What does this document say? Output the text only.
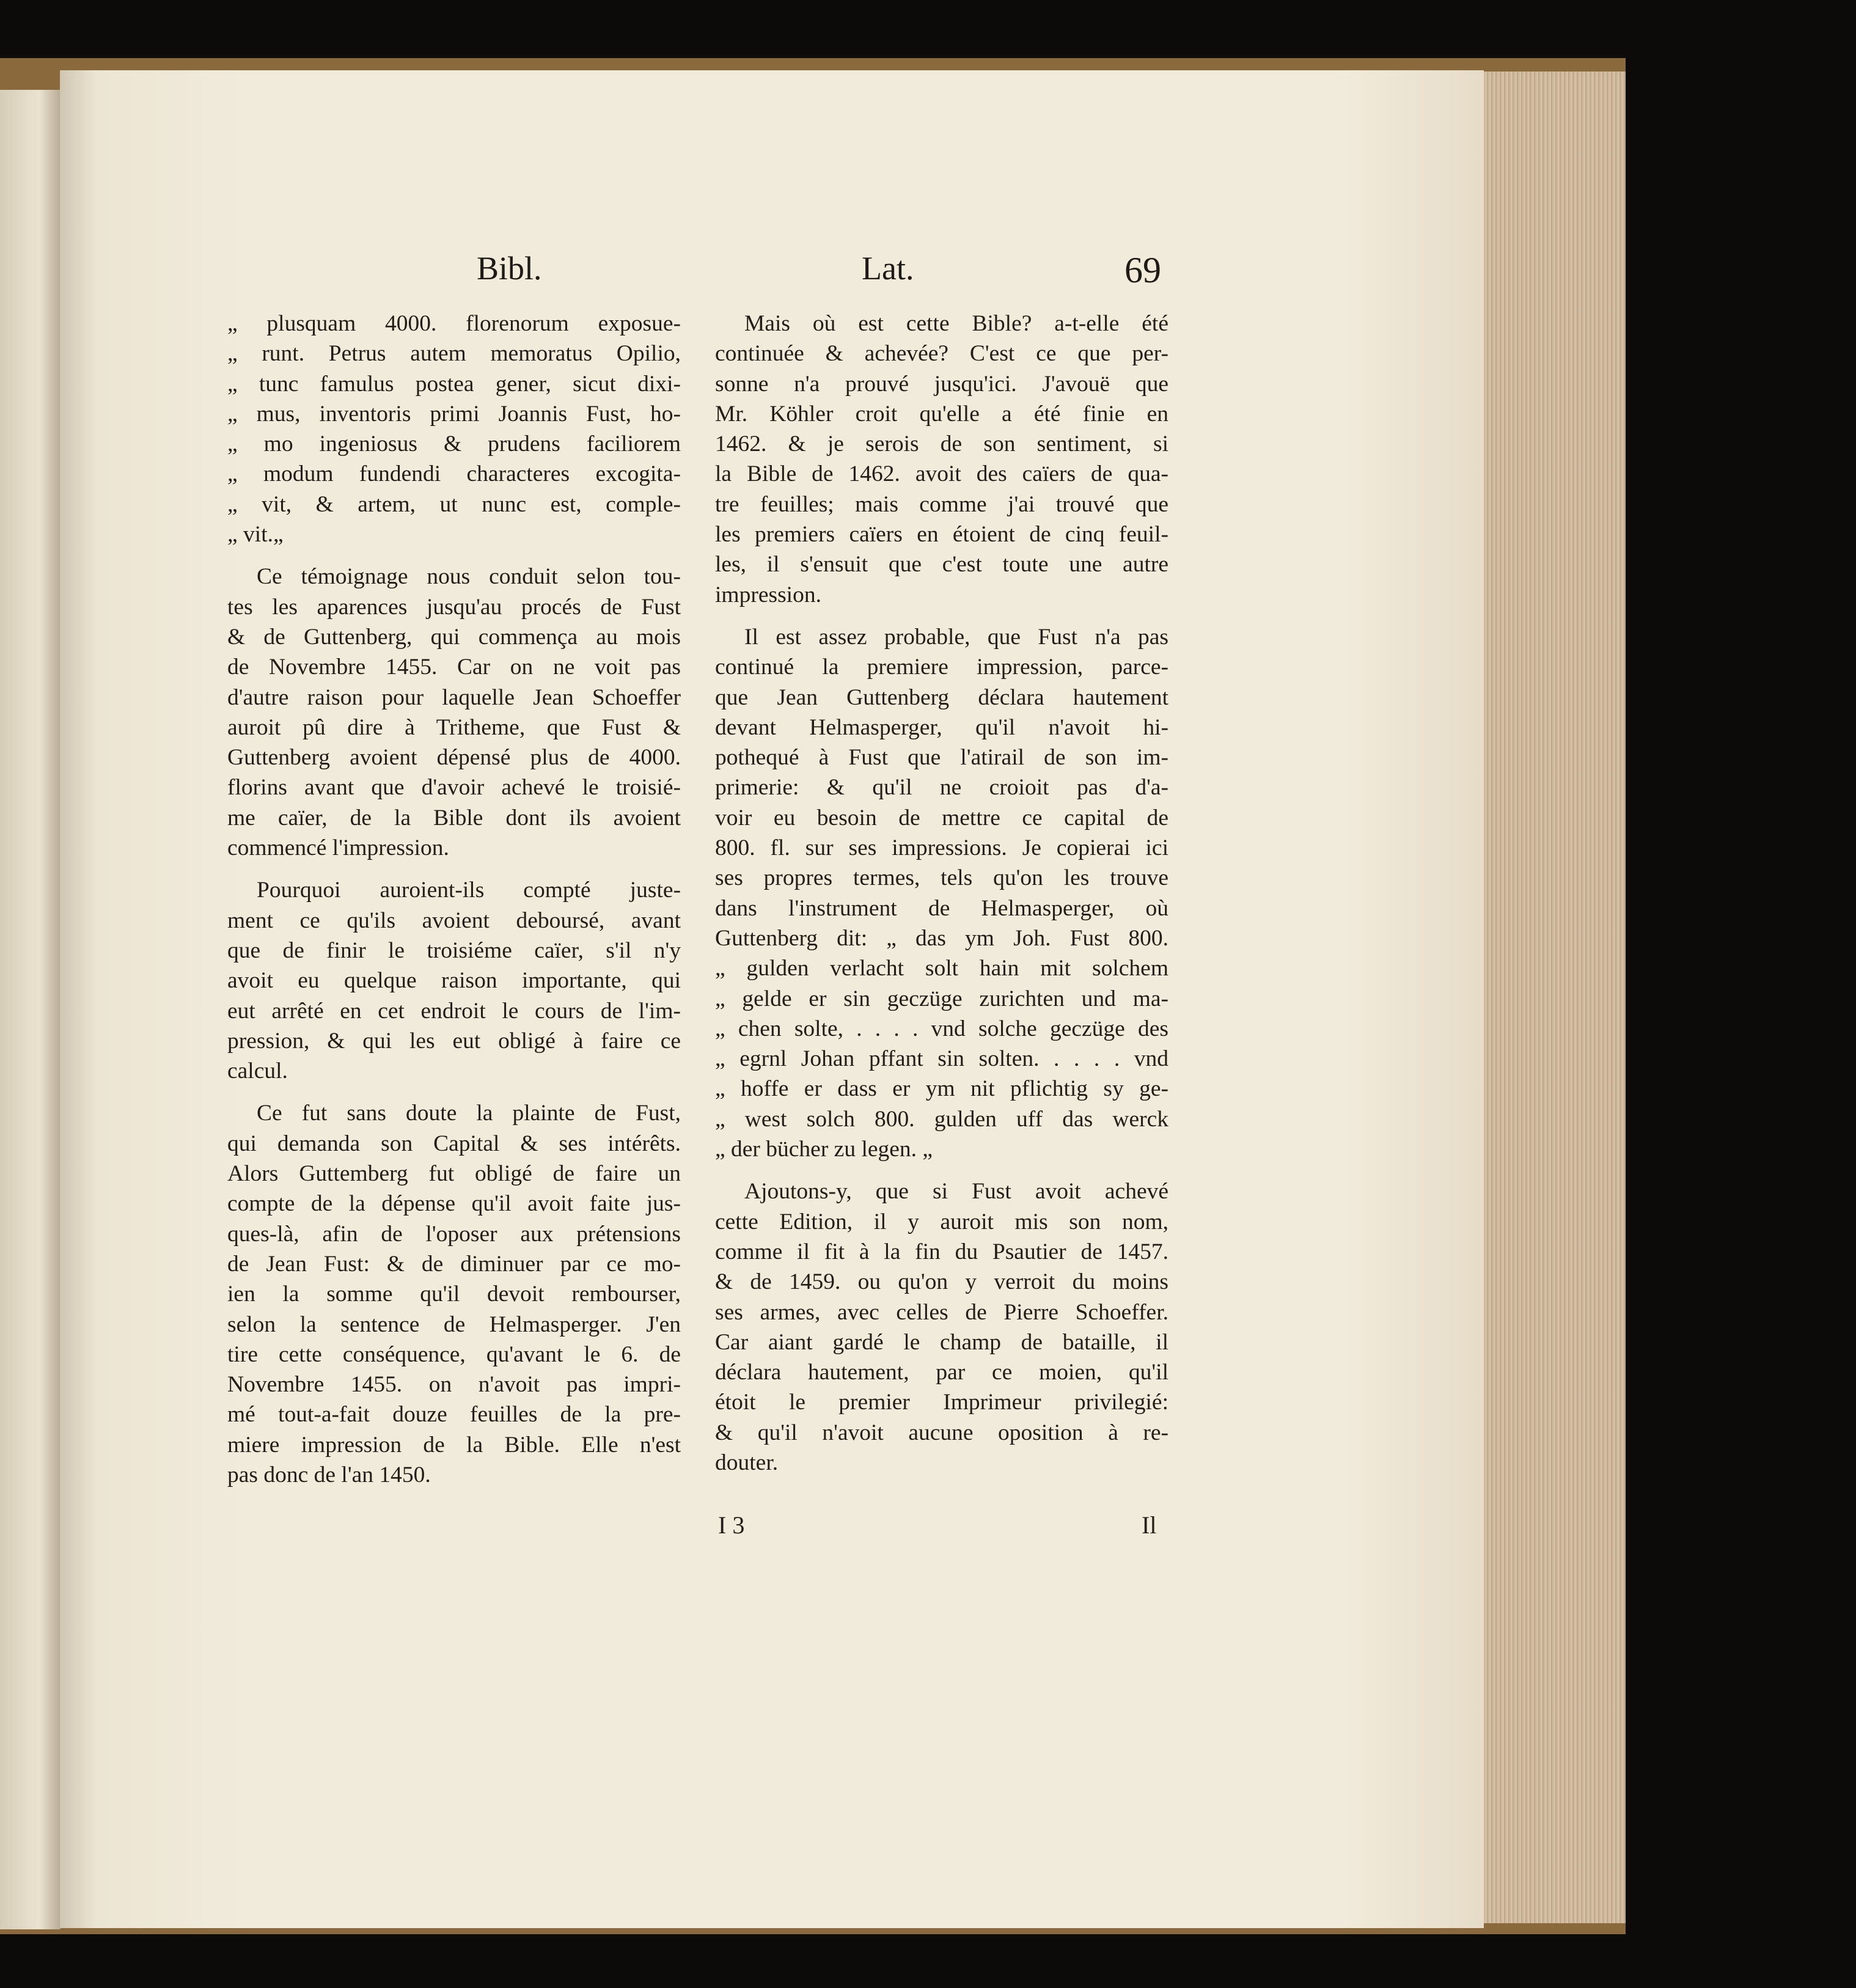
Bibl.	Lat.	69

„ plusquam 4000. florenorum exposue-
„ runt. Petrus autem memoratus Opilio,
„ tunc famulus postea gener, sicut dixi-
„ mus, inventoris primi Joannis Fust, ho-
„ mo ingeniosus & prudens faciliorem
„ modum fundendi characteres excogita-
„ vit, & artem, ut nunc est, comple-
„ vit.„

Ce témoignage nous conduit selon tou-
tes les aparences jusqu'au procés de Fust
& de Guttenberg, qui commença au mois
de Novembre 1455. Car on ne voit pas
d'autre raison pour laquelle Jean Schoeffer
auroit pû dire à Tritheme, que Fust &
Guttenberg avoient dépensé plus de 4000.
florins avant que d'avoir achevé le troisié-
me caïer, de la Bible dont ils avoient
commencé l'impression.

Pourquoi auroient-ils compté juste-
ment ce qu'ils avoient deboursé, avant
que de finir le troisiéme caïer, s'il n'y
avoit eu quelque raison importante, qui
eut arrêté en cet endroit le cours de l'im-
pression, & qui les eut obligé à faire ce
calcul.

Ce fut sans doute la plainte de Fust,
qui demanda son Capital & ses intérêts.
Alors Guttemberg fut obligé de faire un
compte de la dépense qu'il avoit faite jus-
ques-là, afin de l'oposer aux prétensions
de Jean Fust: & de diminuer par ce mo-
ien la somme qu'il devoit rembourser,
selon la sentence de Helmasperger. J'en
tire cette conséquence, qu'avant le 6. de
Novembre 1455. on n'avoit pas impri-
mé tout-a-fait douze feuilles de la pre-
miere impression de la Bible. Elle n'est
pas donc de l'an 1450.

Mais où est cette Bible? a-t-elle été
continuée & achevée? C'est ce que per-
sonne n'a prouvé jusqu'ici. J'avouë que
Mr. Köhler croit qu'elle a été finie en
1462. & je serois de son sentiment, si
la Bible de 1462. avoit des caïers de qua-
tre feuilles; mais comme j'ai trouvé que
les premiers caïers en étoient de cinq feuil-
les, il s'ensuit que c'est toute une autre
impression.

Il est assez probable, que Fust n'a pas
continué la premiere impression, parce-
que Jean Guttenberg déclara hautement
devant Helmasperger, qu'il n'avoit hi-
pothequé à Fust que l'atirail de son im-
primerie: & qu'il ne croioit pas d'a-
voir eu besoin de mettre ce capital de
800. fl. sur ses impressions. Je copierai ici
ses propres termes, tels qu'on les trouve
dans l'instrument de Helmasperger, où
Guttenberg dit: „ das ym Joh. Fust 800.
„ gulden verlacht solt hain mit solchem
„ gelde er sin geczüge zurichten und ma-
„ chen solte, . . . . vnd solche geczüge des
„ egrnl Johan pffant sin solten. . . . . vnd
„ hoffe er dass er ym nit pflichtig sy ge-
„ west solch 800. gulden uff das werck
„ der bücher zu legen. „

Ajoutons-y, que si Fust avoit achevé
cette Edition, il y auroit mis son nom,
comme il fit à la fin du Psautier de 1457.
& de 1459. ou qu'on y verroit du moins
ses armes, avec celles de Pierre Schoeffer.
Car aiant gardé le champ de bataille, il
déclara hautement, par ce moien, qu'il
étoit le premier Imprimeur privilegié:
& qu'il n'avoit aucune oposition à re-
douter.

I 3	Il
